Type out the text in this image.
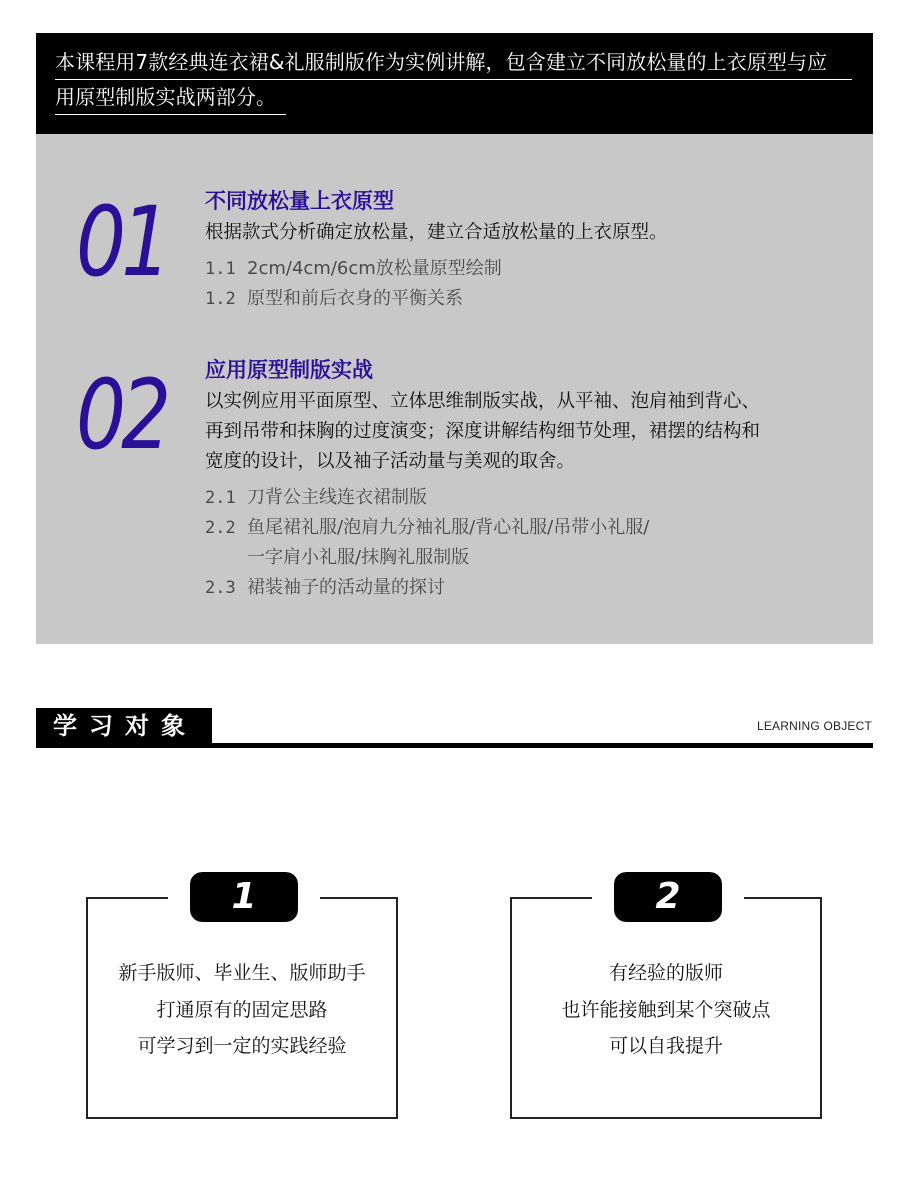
本课程用7款经典连衣裙&礼服制版作为实例讲解，包含建立不同放松量的上衣原型与应
用原型制版实战两部分。
01	不同放松量上衣原型
根据款式分析确定放松量，建立合适放松量的上衣原型。
1.1 2cm/4cm/6cm放松量原型绘制
1.2 原型和前后衣身的平衡关系
02	应用原型制版实战
以实例应用平面原型、立体思维制版实战，从平袖、泡肩袖到背心、
再到吊带和抹胸的过度演变；深度讲解结构细节处理，裙摆的结构和
宽度的设计，以及袖子活动量与美观的取舍。
2.1 刀背公主线连衣裙制版
2.2 鱼尾裙礼服/泡肩九分袖礼服/背心礼服/吊带小礼服/
一字肩小礼服/抹胸礼服制版
2.3 裙装袖子的活动量的探讨
学习对象	LEARNING OBJECT
1
新手版师、毕业生、版师助手
打通原有的固定思路
可学习到一定的实践经验
2
有经验的版师
也许能接触到某个突破点
可以自我提升
